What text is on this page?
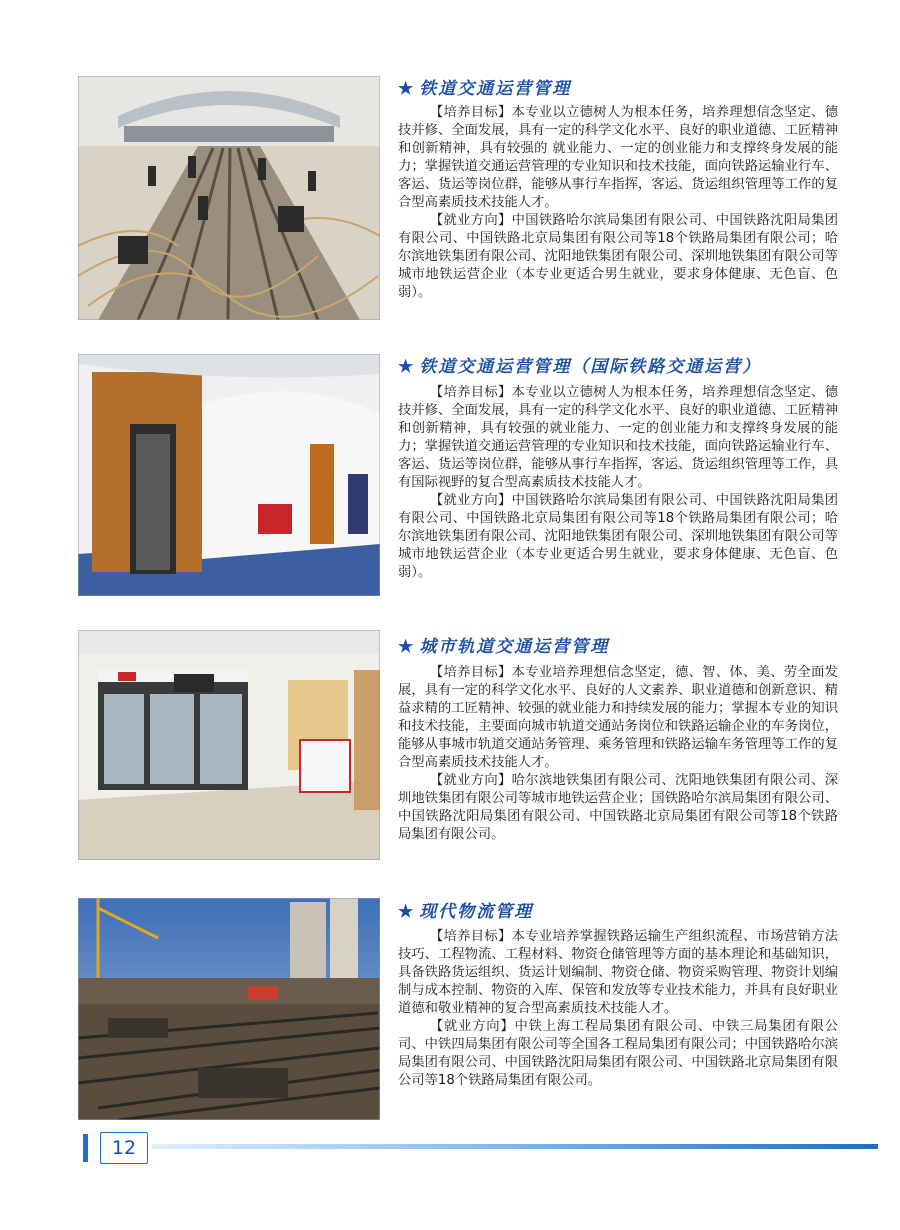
★ 铁道交通运营管理

【培养目标】本专业以立德树人为根本任务，培养理想信念坚定、德技并修、全面发展，具有一定的科学文化水平、良好的职业道德、工匠精神和创新精神，具有较强的 就业能力、一定的创业能力和支撑终身发展的能力；掌握铁道交通运营管理的专业知识和技术技能，面向铁路运输业行车、客运、货运等岗位群，能够从事行车指挥，客运、货运组织管理等工作的复合型高素质技术技能人才。

【就业方向】中国铁路哈尔滨局集团有限公司、中国铁路沈阳局集团有限公司、中国铁路北京局集团有限公司等18个铁路局集团有限公司；哈尔滨地铁集团有限公司、沈阳地铁集团有限公司、深圳地铁集团有限公司等城市地铁运营企业（本专业更适合男生就业，要求身体健康、无色盲、色弱）。

★ 铁道交通运营管理（国际铁路交通运营）

【培养目标】本专业以立德树人为根本任务，培养理想信念坚定、德技并修、全面发展，具有一定的科学文化水平、良好的职业道德、工匠精神和创新精神，具有较强的就业能力、一定的创业能力和支撑终身发展的能力；掌握铁道交通运营管理的专业知识和技术技能，面向铁路运输业行车、客运、货运等岗位群，能够从事行车指挥，客运、货运组织管理等工作，具有国际视野的复合型高素质技术技能人才。

【就业方向】中国铁路哈尔滨局集团有限公司、中国铁路沈阳局集团有限公司、中国铁路北京局集团有限公司等18个铁路局集团有限公司；哈尔滨地铁集团有限公司、沈阳地铁集团有限公司、深圳地铁集团有限公司等城市地铁运营企业（本专业更适合男生就业，要求身体健康、无色盲、色弱）。

★ 城市轨道交通运营管理

【培养目标】本专业培养理想信念坚定，德、智、体、美、劳全面发展，具有一定的科学文化水平、良好的人文素养、职业道德和创新意识、精益求精的工匠精神、较强的就业能力和持续发展的能力；掌握本专业的知识和技术技能，主要面向城市轨道交通站务岗位和铁路运输企业的车务岗位，能够从事城市轨道交通站务管理、乘务管理和铁路运输车务管理等工作的复合型高素质技术技能人才。

【就业方向】哈尔滨地铁集团有限公司、沈阳地铁集团有限公司、深圳地铁集团有限公司等城市地铁运营企业；国铁路哈尔滨局集团有限公司、中国铁路沈阳局集团有限公司、中国铁路北京局集团有限公司等18个铁路局集团有限公司。

★ 现代物流管理

【培养目标】本专业培养掌握铁路运输生产组织流程、市场营销方法技巧、工程物流、工程材料、物资仓储管理等方面的基本理论和基础知识，具备铁路货运组织、货运计划编制、物资仓储、物资采购管理、物资计划编制与成本控制、物资的入库、保管和发放等专业技术能力，并具有良好职业道德和敬业精神的复合型高素质技术技能人才。

【就业方向】中铁上海工程局集团有限公司、中铁三局集团有限公司、中铁四局集团有限公司等全国各工程局集团有限公司；中国铁路哈尔滨局集团有限公司、中国铁路沈阳局集团有限公司、中国铁路北京局集团有限公司等18个铁路局集团有限公司。

12
